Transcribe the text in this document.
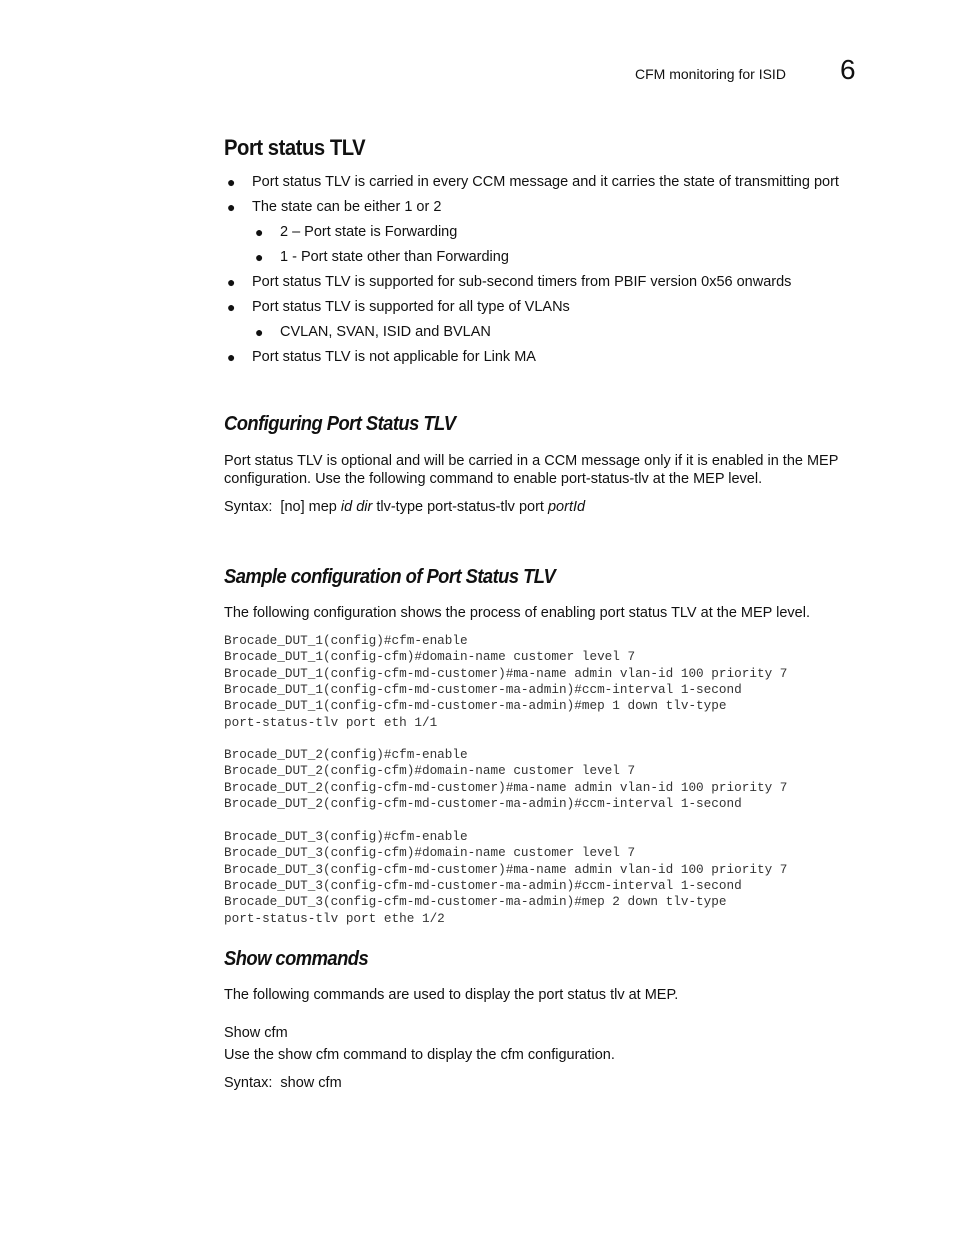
CFM monitoring for ISID 6
Port status TLV
● Port status TLV is carried in every CCM message and it carries the state of transmitting port
● The state can be either 1 or 2
● 2 – Port state is Forwarding
● 1 - Port state other than Forwarding
● Port status TLV is supported for sub-second timers from PBIF version 0x56 onwards
● Port status TLV is supported for all type of VLANs
● CVLAN, SVAN, ISID and BVLAN
● Port status TLV is not applicable for Link MA
Configuring Port Status TLV
Port status TLV is optional and will be carried in a CCM message only if it is enabled in the MEP
configuration. Use the following command to enable port-status-tlv at the MEP level.
Syntax: [no] mep id dir tlv-type port-status-tlv port portId
Sample configuration of Port Status TLV
The following configuration shows the process of enabling port status TLV at the MEP level.
Brocade_DUT_1(config)#cfm-enable
Brocade_DUT_1(config-cfm)#domain-name customer level 7
Brocade_DUT_1(config-cfm-md-customer)#ma-name admin vlan-id 100 priority 7
Brocade_DUT_1(config-cfm-md-customer-ma-admin)#ccm-interval 1-second
Brocade_DUT_1(config-cfm-md-customer-ma-admin)#mep 1 down tlv-type
port-status-tlv port eth 1/1
Brocade_DUT_2(config)#cfm-enable
Brocade_DUT_2(config-cfm)#domain-name customer level 7
Brocade_DUT_2(config-cfm-md-customer)#ma-name admin vlan-id 100 priority 7
Brocade_DUT_2(config-cfm-md-customer-ma-admin)#ccm-interval 1-second
Brocade_DUT_3(config)#cfm-enable
Brocade_DUT_3(config-cfm)#domain-name customer level 7
Brocade_DUT_3(config-cfm-md-customer)#ma-name admin vlan-id 100 priority 7
Brocade_DUT_3(config-cfm-md-customer-ma-admin)#ccm-interval 1-second
Brocade_DUT_3(config-cfm-md-customer-ma-admin)#mep 2 down tlv-type
port-status-tlv port ethe 1/2
Show commands
The following commands are used to display the port status tlv at MEP.
Show cfm
Use the show cfm command to display the cfm configuration.
Syntax: show cfm
